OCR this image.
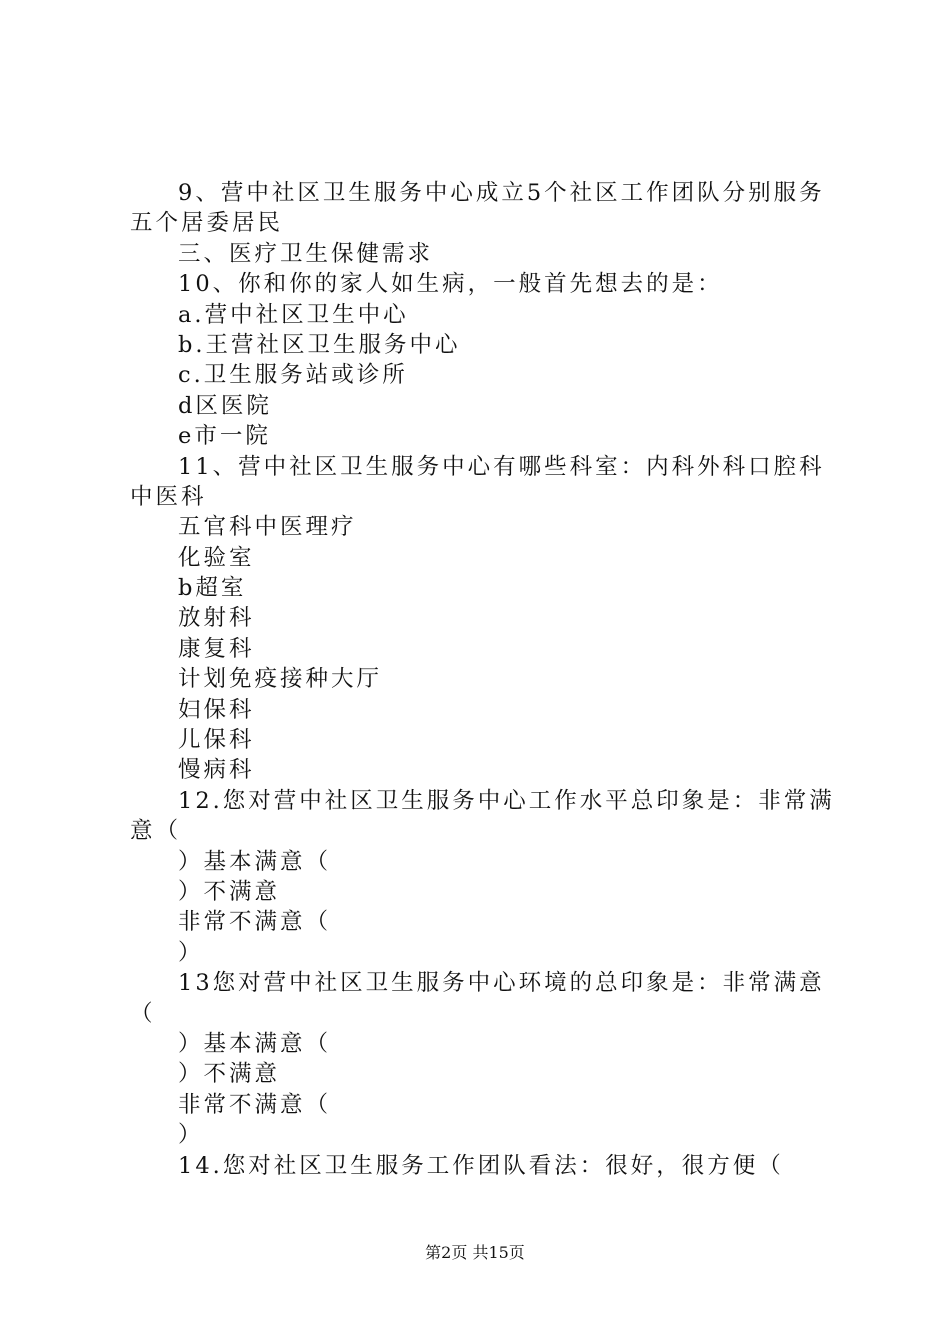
9、营中社区卫生服务中心成立5个社区工作团队分别服务
五个居委居民
三、医疗卫生保健需求
10、你和你的家人如生病，一般首先想去的是：
a.营中社区卫生中心
b.王营社区卫生服务中心
c.卫生服务站或诊所
d区医院
e市一院
11、营中社区卫生服务中心有哪些科室：内科外科口腔科
中医科
五官科中医理疗
化验室
b超室
放射科
康复科
计划免疫接种大厅
妇保科
儿保科
慢病科
12.您对营中社区卫生服务中心工作水平总印象是：非常满
意（
）基本满意（
）不满意
非常不满意（
）
13您对营中社区卫生服务中心环境的总印象是：非常满意
（
）基本满意（
）不满意
非常不满意（
）
14.您对社区卫生服务工作团队看法：很好，很方便（
第2页 共15页
